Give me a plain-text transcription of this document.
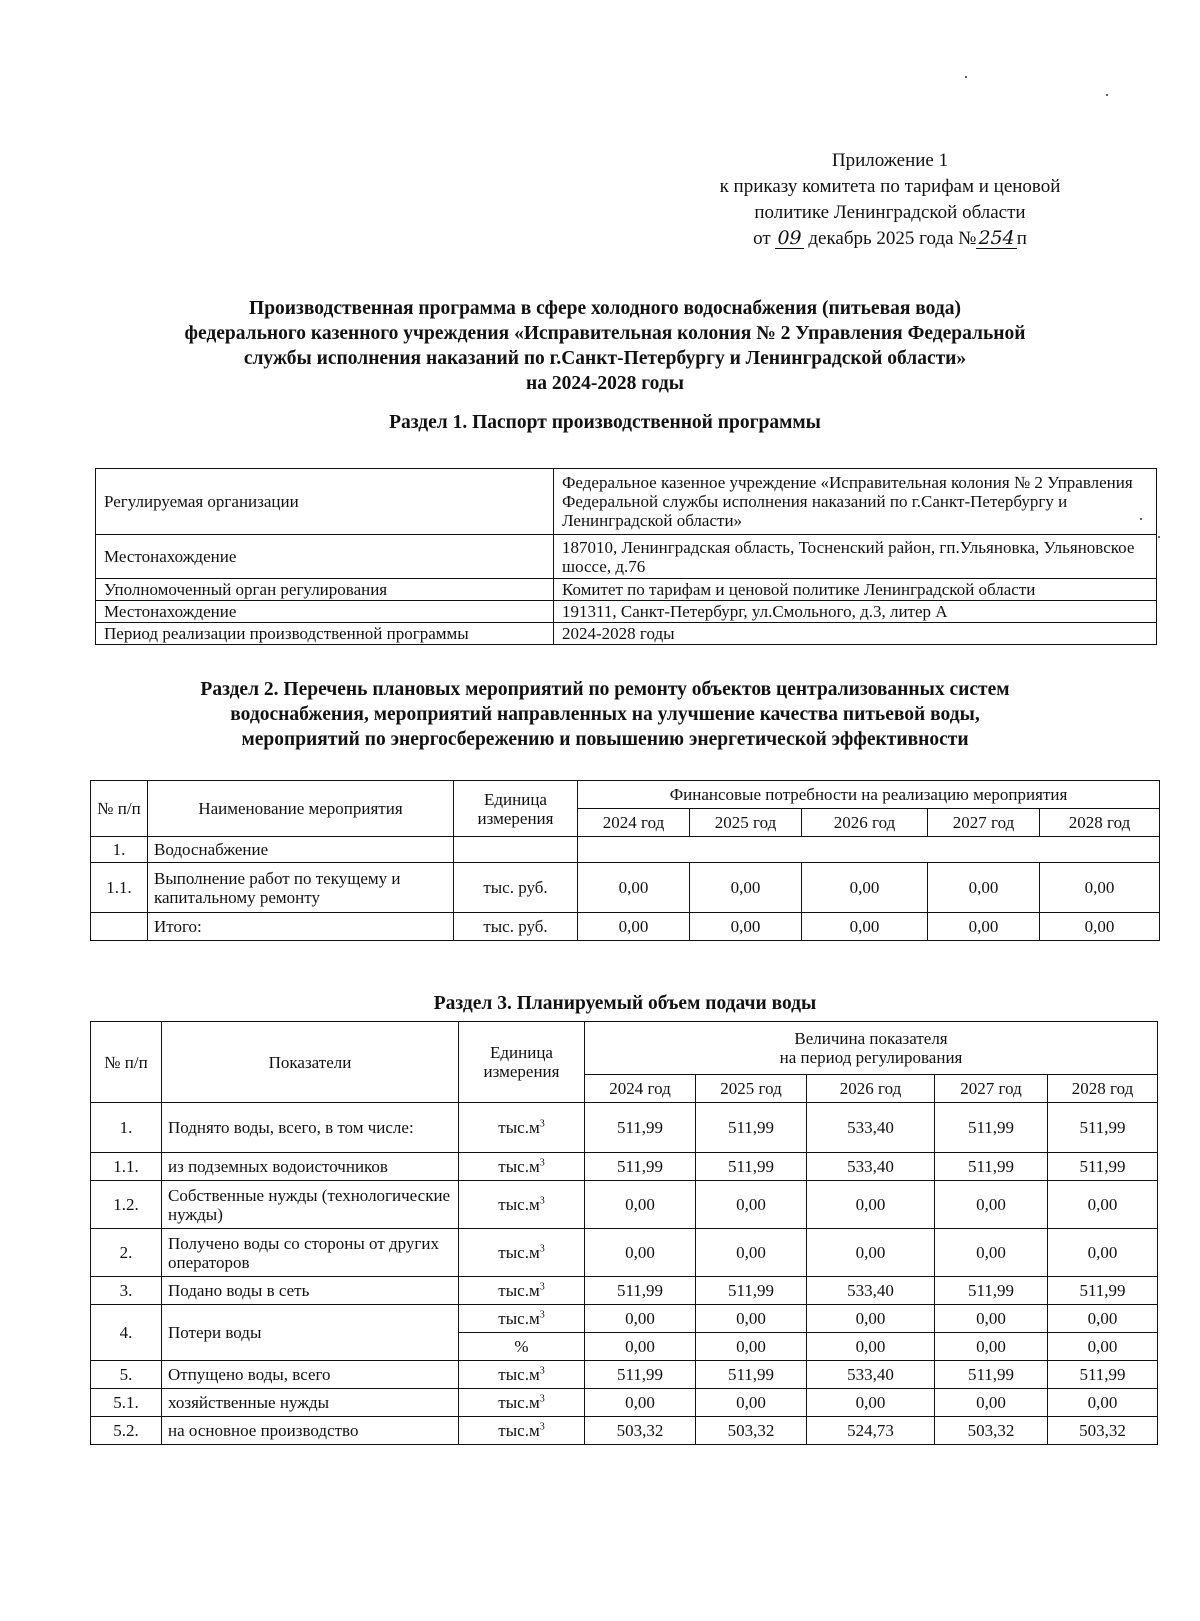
Приложение 1
к приказу комитета по тарифам и ценовой
политике Ленинградской области
от 09 декабрь 2025 года № 254 п
Производственная программа в сфере холодного водоснабжения (питьевая вода)
федерального казенного учреждения «Исправительная колония № 2 Управления Федеральной
службы исполнения наказаний по г.Санкт-Петербургу и Ленинградской области»
на 2024-2028 годы
Раздел 1. Паспорт производственной программы
Регулируемая организации	Федеральное казенное учреждение «Исправительная колония № 2 Управления Федеральной службы исполнения наказаний по г.Санкт-Петербургу и Ленинградской области»
Местонахождение	187010, Ленинградская область, Тосненский район, гп.Ульяновка, Ульяновское шоссе, д.76
Уполномоченный орган регулирования	Комитет по тарифам и ценовой политике Ленинградской области
Местонахождение	191311, Санкт-Петербург, ул.Смольного, д.3, литер А
Период реализации производственной программы	2024-2028 годы
Раздел 2. Перечень плановых мероприятий по ремонту объектов централизованных систем
водоснабжения, мероприятий направленных на улучшение качества питьевой воды,
мероприятий по энергосбережению и повышению энергетической эффективности
№ п/п	Наименование мероприятия	Единица измерения	Финансовые потребности на реализацию мероприятия				
			2024 год	2025 год	2026 год	2027 год	2028 год
1.	Водоснабжение						
1.1.	Выполнение работ по текущему и капитальному ремонту	тыс. руб.	0,00	0,00	0,00	0,00	0,00
	Итого:	тыс. руб.	0,00	0,00	0,00	0,00	0,00
Раздел 3. Планируемый объем подачи воды
№ п/п	Показатели	Единица измерения	Величина показателя
на период регулирования				

			2024 год	2025 год	2026 год	2027 год	2028 год
1.	Поднято воды, всего, в том числе:	$тыс.м^3$	511,99	511,99	533,40	511,99	511,99
1.1.	из подземных водоисточников	$тыс.м^3$	511,99	511,99	533,40	511,99	511,99
1.2.	Собственные нужды (технологические нужды)	$тыс.м^3$	0,00	0,00	0,00	0,00	0,00
2.	Получено воды со стороны от других операторов	$тыс.м^3$	0,00	0,00	0,00	0,00	0,00
3.	Подано воды в сеть	$тыс.м^3$	511,99	511,99	533,40	511,99	511,99
4.	Потери воды	$тыс.м^3$	0,00	0,00	0,00	0,00	0,00
		%	0,00	0,00	0,00	0,00	0,00
5.	Отпущено воды, всего	$тыс.м^3$	511,99	511,99	533,40	511,99	511,99
5.1.	хозяйственные нужды	$тыс.м^3$	0,00	0,00	0,00	0,00	0,00
5.2.	на основное производство	$тыс.м^3$	503,32	503,32	524,73	503,32	503,32
